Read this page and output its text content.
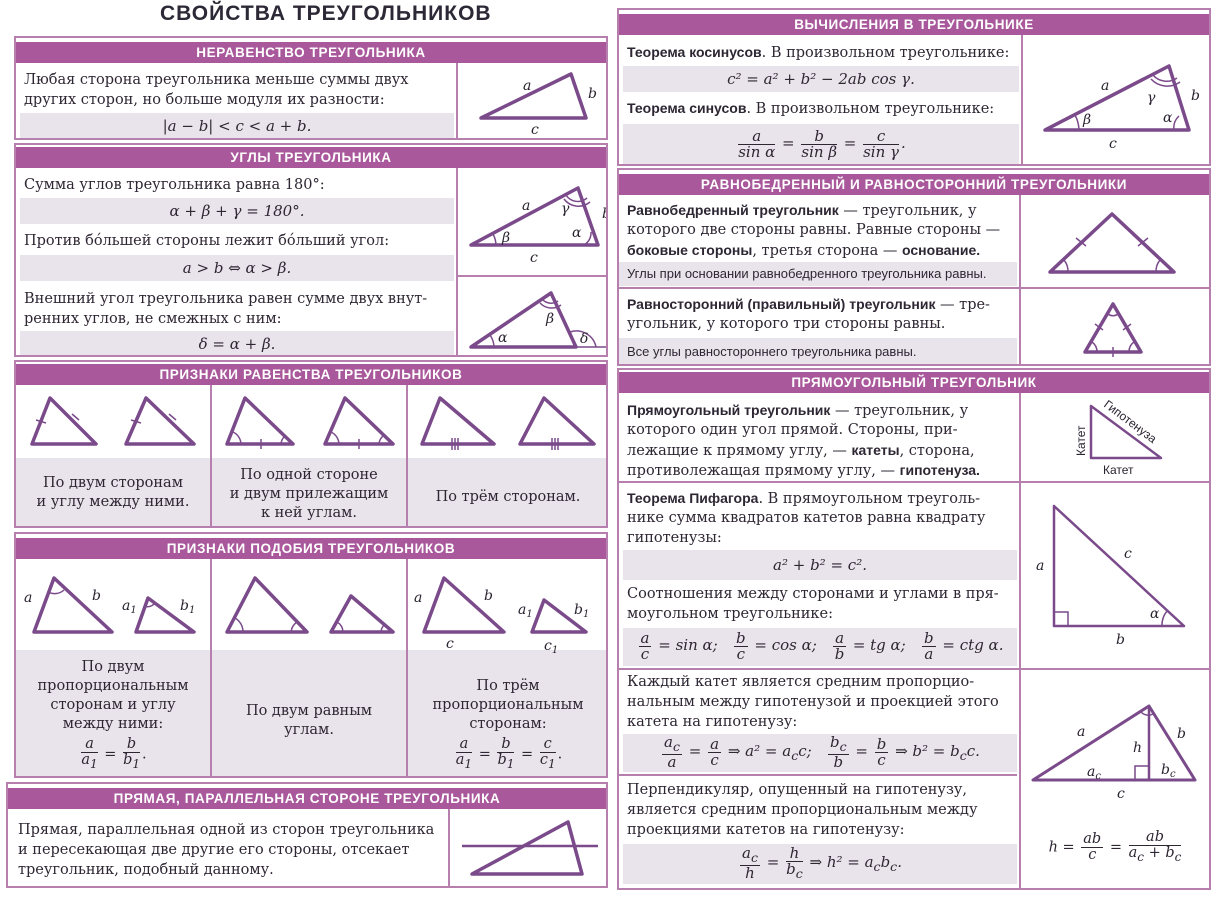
СВОЙСТВА ТРЕУГОЛЬНИКОВ
НЕРАВЕНСТВО ТРЕУГОЛЬНИКА
Любая сторона треугольника меньше суммы двух
других сторон, но больше модуля их разности:
|a − b| < c < a + b.
a	b
c
УГЛЫ ТРЕУГОЛЬНИКА
Сумма углов треугольника равна 180°:
α + β + γ = 180°.
Против бóльшей стороны лежит бóльший угол:
a > b ⇔ α > β.
Внешний угол треугольника равен сумме двух внут-
ренних углов, не смежных с ним:
δ = α + β.
a	b
c
β	α
γ
α
β
δ
ПРИЗНАКИ РАВЕНСТВА ТРЕУГОЛЬНИКОВ
По двум сторонам
и углу между ними.
По одной стороне
и двум прилежащим
к ней углам.
По трём сторонам.
ПРИЗНАКИ ПОДОБИЯ ТРЕУГОЛЬНИКОВ
a	b
$a_1$	$b_1$
По двум
пропорциональным
сторонам и углу
между ними:
$\frac{a}{a_1} = \frac{b}{b_1}$ .
По двум равным
углам.
a	b
c
$a_1$	$b_1$
$c_1$
По трём
пропорциональным
сторонам:
$\frac{a}{a_1} = \frac{b}{b_1} = \frac{c}{c_1}$ .
ПРЯМАЯ, ПАРАЛЛЕЛЬНАЯ СТОРОНЕ ТРЕУГОЛЬНИКА
Прямая, параллельная одной из сторон треугольника
и пересекающая две другие его стороны, отсекает
треугольник, подобный данному.
ВЫЧИСЛЕНИЯ В ТРЕУГОЛЬНИКЕ
Теорема косинусов. В произвольном треугольнике:
c² = a² + b² − 2ab cos γ.
Теорема синусов. В произвольном треугольнике:
$\frac{a}{\text{sin α}} = \frac{b}{\text{sin β}} = \frac{c}{\text{sin γ}}$ .
a
b
c
β	α
γ
РАВНОБЕДРЕННЫЙ И РАВНОСТОРОННИЙ ТРЕУГОЛЬНИКИ
Равнобедренный треугольник — треугольник, у
которого две стороны равны. Равные стороны —
боковые стороны, третья сторона — основание.
Углы при основании равнобедренного треугольника равны.
Равносторонний (правильный) треугольник — тре-
угольник, у которого три стороны равны.
Все углы равностороннего треугольника равны.
ПРЯМОУГОЛЬНЫЙ ТРЕУГОЛЬНИК
Прямоугольный треугольник — треугольник, у
которого один угол прямой. Стороны, при-
лежащие к прямому углу, — катеты, сторона,
противолежащая прямому углу, — гипотенуза.
Катет
Катет
Гипотенуза
Теорема Пифагора. В прямоугольном треуголь-
нике сумма квадратов катетов равна квадрату
гипотенузы:
a² + b² = c².
Соотношения между сторонами и углами в пря-
моугольном треугольнике:
$\frac{a}{c} = \sin \alpha$; $\frac{b}{c} = \cos \alpha$; $\frac{a}{b}$ = tg α; $\frac{b}{a}$ = ctg α.
a
c
b
α
Каждый катет является средним пропорцио-
нальным между гипотенузой и проекцией этого
катета на гипотенузу:
$\frac{a_c}{a} = \frac{a}{c}$ ⇒ $a^2 = a_cc$; $\frac{b_c}{b} = \frac{b}{c}$ ⇒ $b^2 = b_cc$.
Перпендикуляр, опущенный на гипотенузу,
является средним пропорциональным между
проекциями катетов на гипотенузу:
$\frac{a_c}{h} = \frac{h}{b_c}$ ⇒ $h^2 = a_cb_c$.
a	b
h
$a_c$	$b_c$
c
$h = \frac{ab}{c} = \frac{ab}{a_c + b_c}$
